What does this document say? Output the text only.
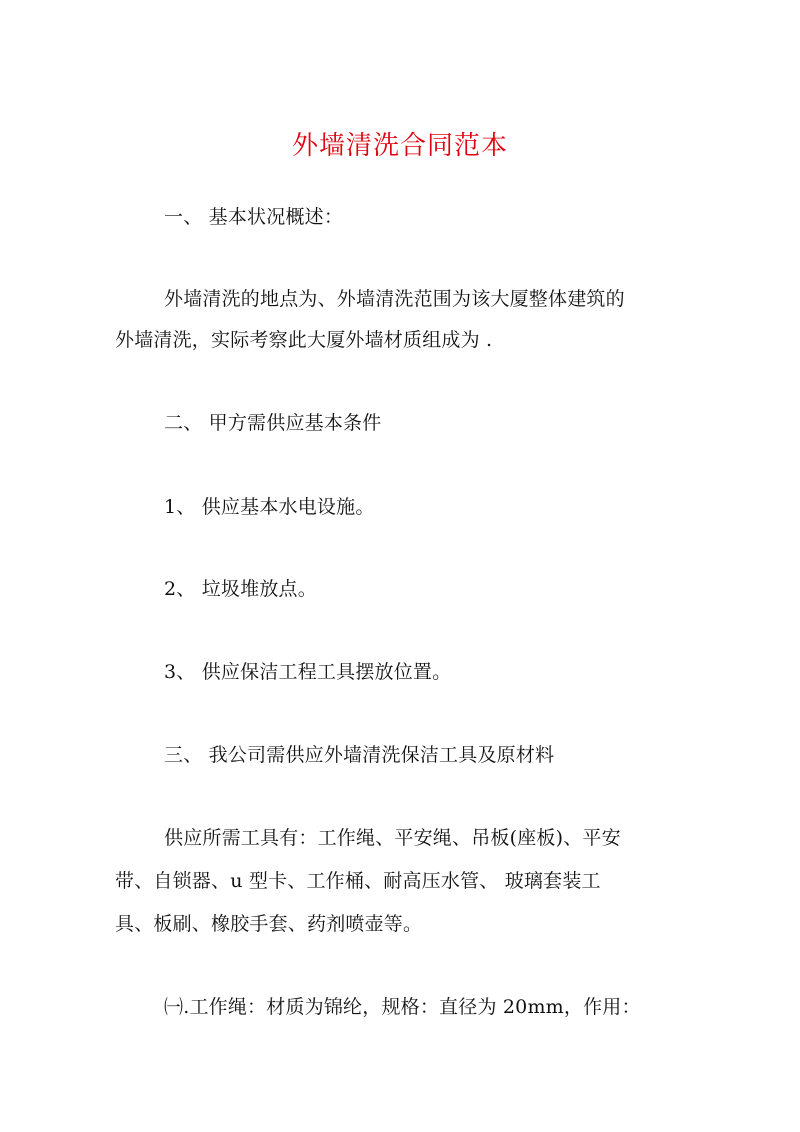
外墙清洗合同范本
一、 基本状况概述：
外墙清洗的地点为、外墙清洗范围为该大厦整体建筑的
外墙清洗，实际考察此大厦外墙材质组成为 .
二、 甲方需供应基本条件
1、 供应基本水电设施。
2、 垃圾堆放点。
3、 供应保洁工程工具摆放位置。
三、 我公司需供应外墙清洗保洁工具及原材料
供应所需工具有：工作绳、平安绳、吊板(座板)、平安
带、自锁器、u 型卡、工作桶、耐高压水管、 玻璃套装工
具、板刷、橡胶手套、药剂喷壶等。
㈠.工作绳：材质为锦纶，规格：直径为 20mm，作用：
